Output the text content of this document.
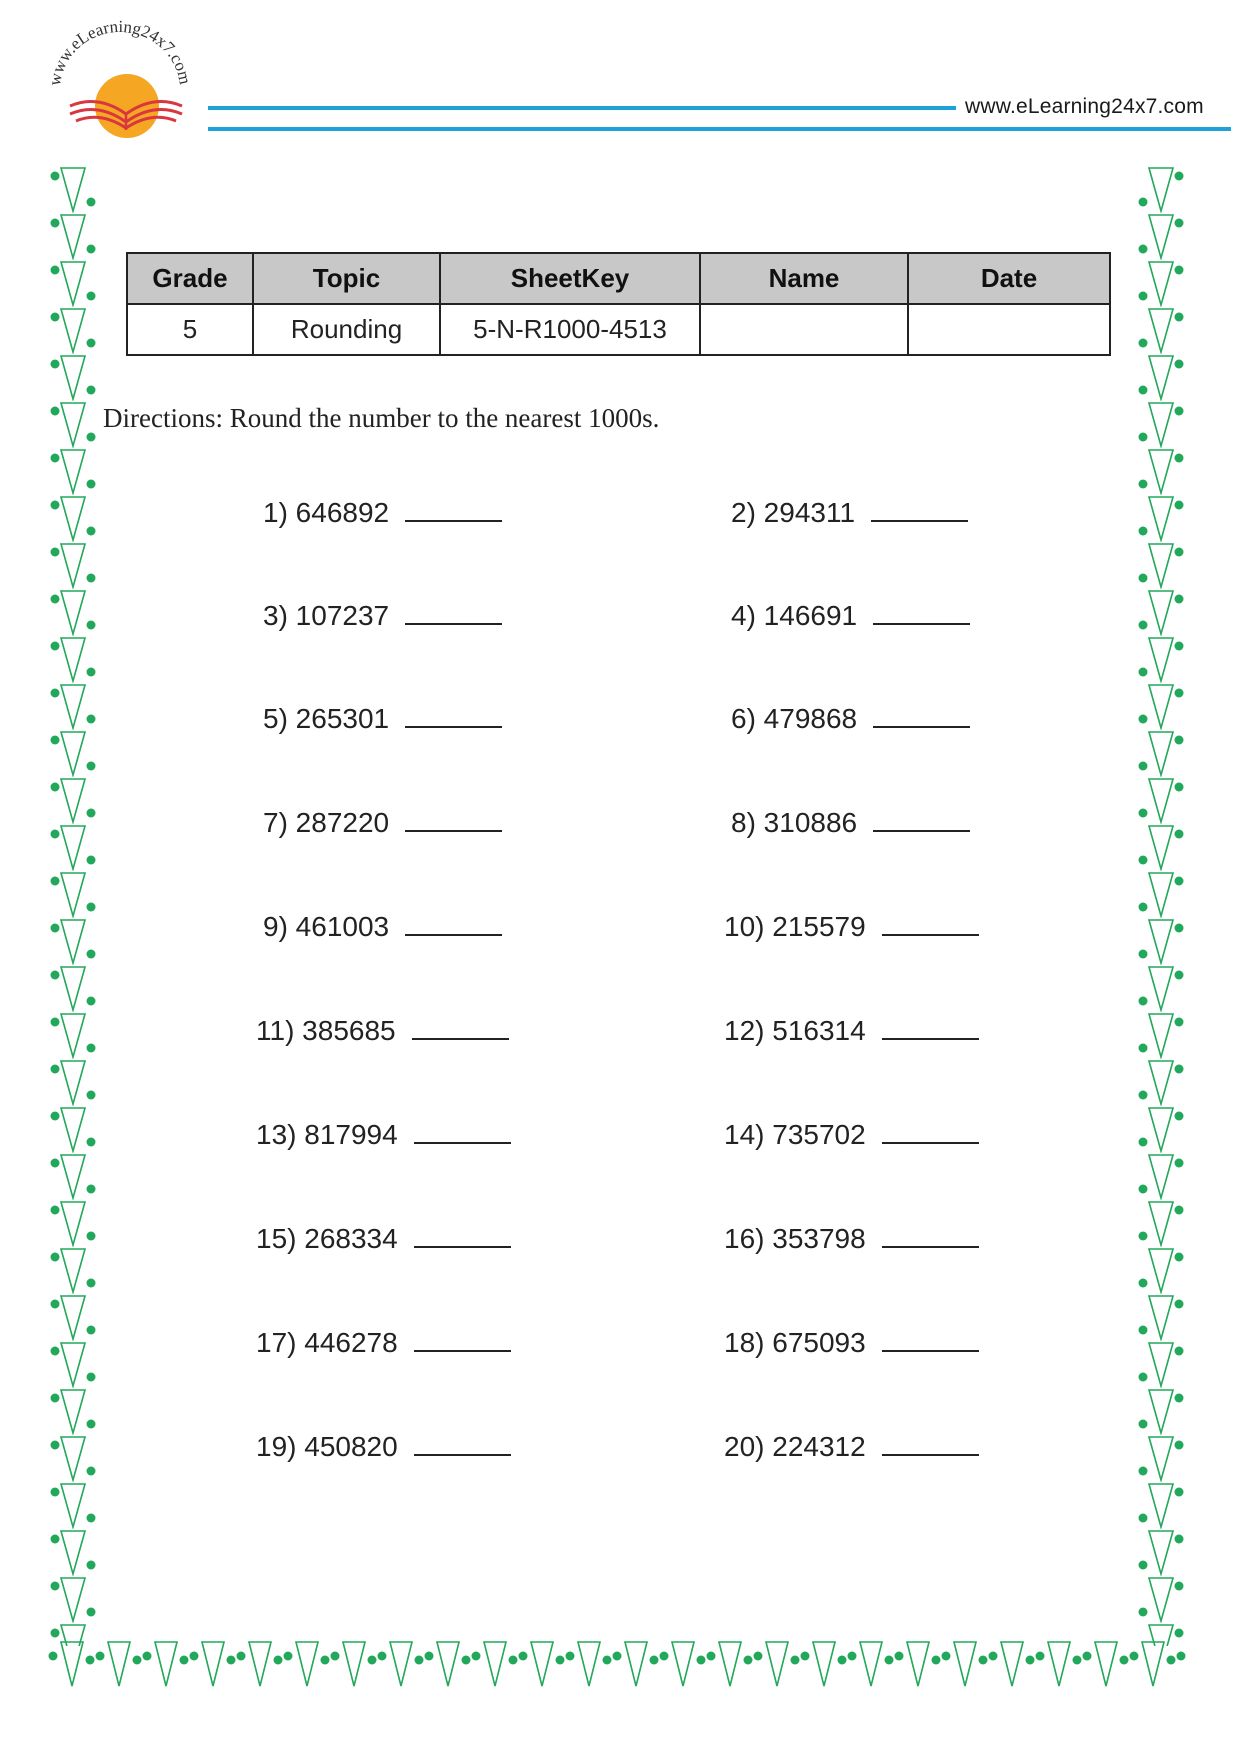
www.eLearning24x7.com
www.eLearning24x7.com
Grade	Topic	SheetKey	Name	Date
5	Rounding	5-N-R1000-4513		
Directions: Round the number to the nearest 1000s.
1) 646892
3) 107237
5) 265301
7) 287220
9) 461003
11) 385685
13) 817994
15) 268334
17) 446278
19) 450820
2) 294311
4) 146691
6) 479868
8) 310886
10) 215579
12) 516314
14) 735702
16) 353798
18) 675093
20) 224312
